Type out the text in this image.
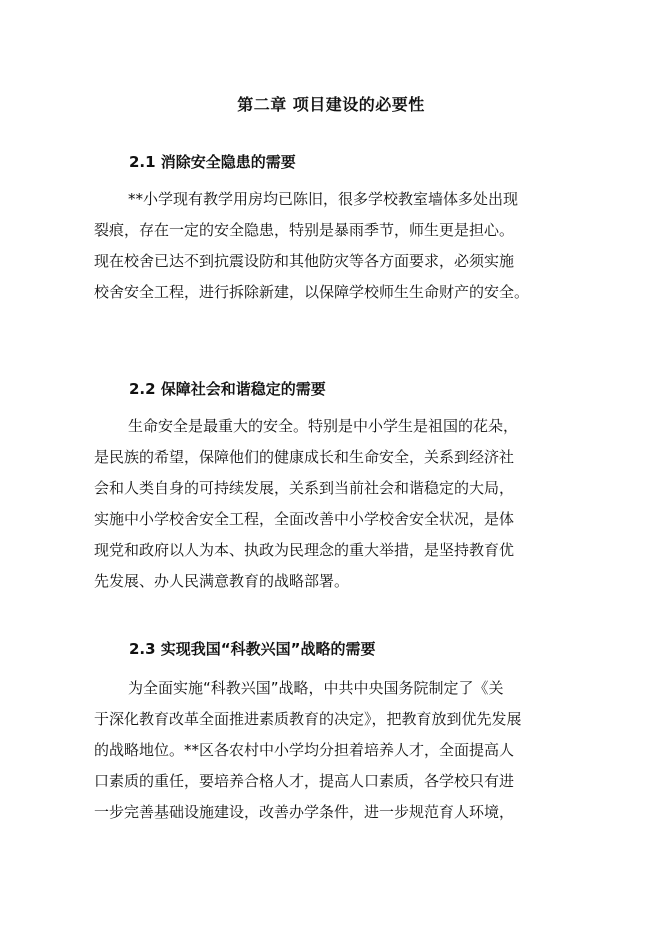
第二章 项目建设的必要性
2.1 消除安全隐患的需要

**小学现有教学用房均已陈旧，很多学校教室墙体多处出现
裂痕，存在一定的安全隐患，特别是暴雨季节，师生更是担心。
现在校舍已达不到抗震设防和其他防灾等各方面要求，必须实施
校舍安全工程，进行拆除新建，以保障学校师生生命财产的安全。

2.2 保障社会和谐稳定的需要

生命安全是最重大的安全。特别是中小学生是祖国的花朵，
是民族的希望，保障他们的健康成长和生命安全，关系到经济社
会和人类自身的可持续发展，关系到当前社会和谐稳定的大局，
实施中小学校舍安全工程，全面改善中小学校舍安全状况，是体
现党和政府以人为本、执政为民理念的重大举措，是坚持教育优
先发展、办人民满意教育的战略部署。

2.3 实现我国“科教兴国”战略的需要

为全面实施“科教兴国”战略，中共中央国务院制定了《关
于深化教育改革全面推进素质教育的决定》，把教育放到优先发展
的战略地位。**区各农村中小学均分担着培养人才，全面提高人
口素质的重任，要培养合格人才，提高人口素质，各学校只有进
一步完善基础设施建设，改善办学条件，进一步规范育人环境，
